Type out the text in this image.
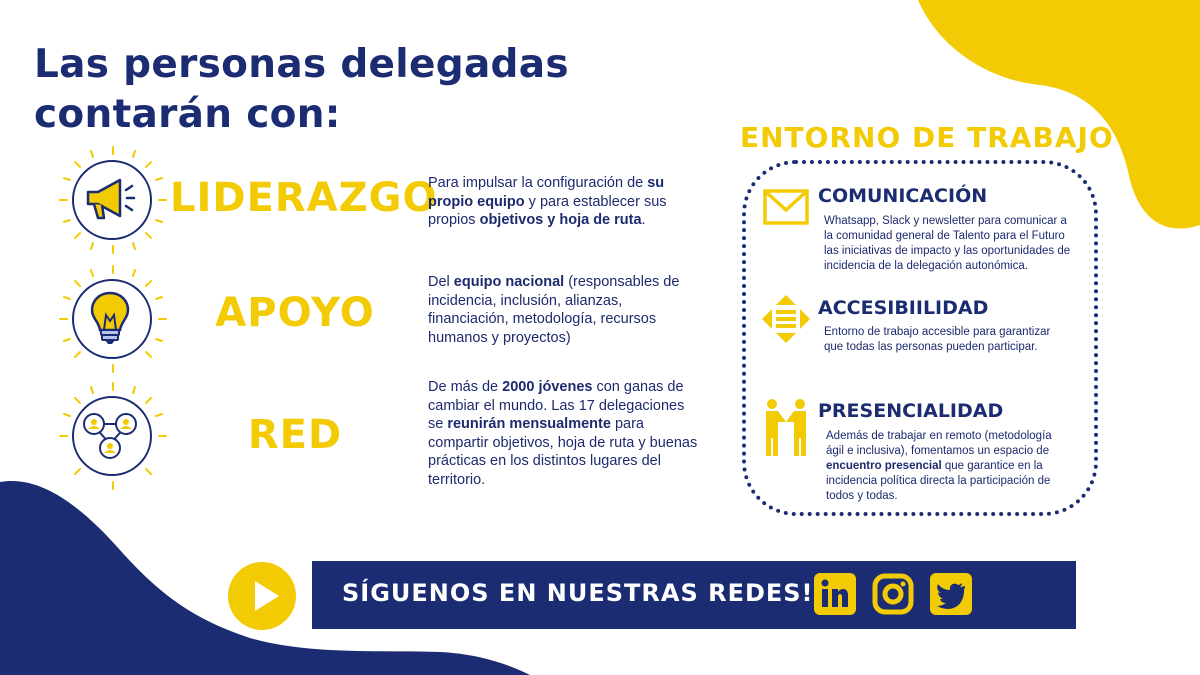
Las personas delegadas
contarán con:
LIDERAZGO
Para impulsar la configuración de su propio equipo y para establecer sus propios objetivos y hoja de ruta.
APOYO
Del equipo nacional (responsables de incidencia, inclusión, alianzas, financiación, metodología, recursos humanos y proyectos)
RED
De más de 2000 jóvenes con ganas de cambiar el mundo. Las 17 delegaciones se reunirán mensualmente para compartir objetivos, hoja de ruta y buenas prácticas en los distintos lugares del territorio.
ENTORNO DE TRABAJO
COMUNICACIÓN
Whatsapp, Slack y newsletter para comunicar a la comunidad general de Talento para el Futuro las iniciativas de impacto y las oportunidades de incidencia de la delegación autonómica.
ACCESIBIILIDAD
Entorno de trabajo accesible para garantizar que todas las personas pueden participar.
PRESENCIALIDAD
Además de trabajar en remoto (metodología ágil e inclusiva), fomentamos un espacio de encuentro presencial que garantice en la incidencia política directa la participación de todos y todas.
SÍGUENOS EN NUESTRAS REDES!
